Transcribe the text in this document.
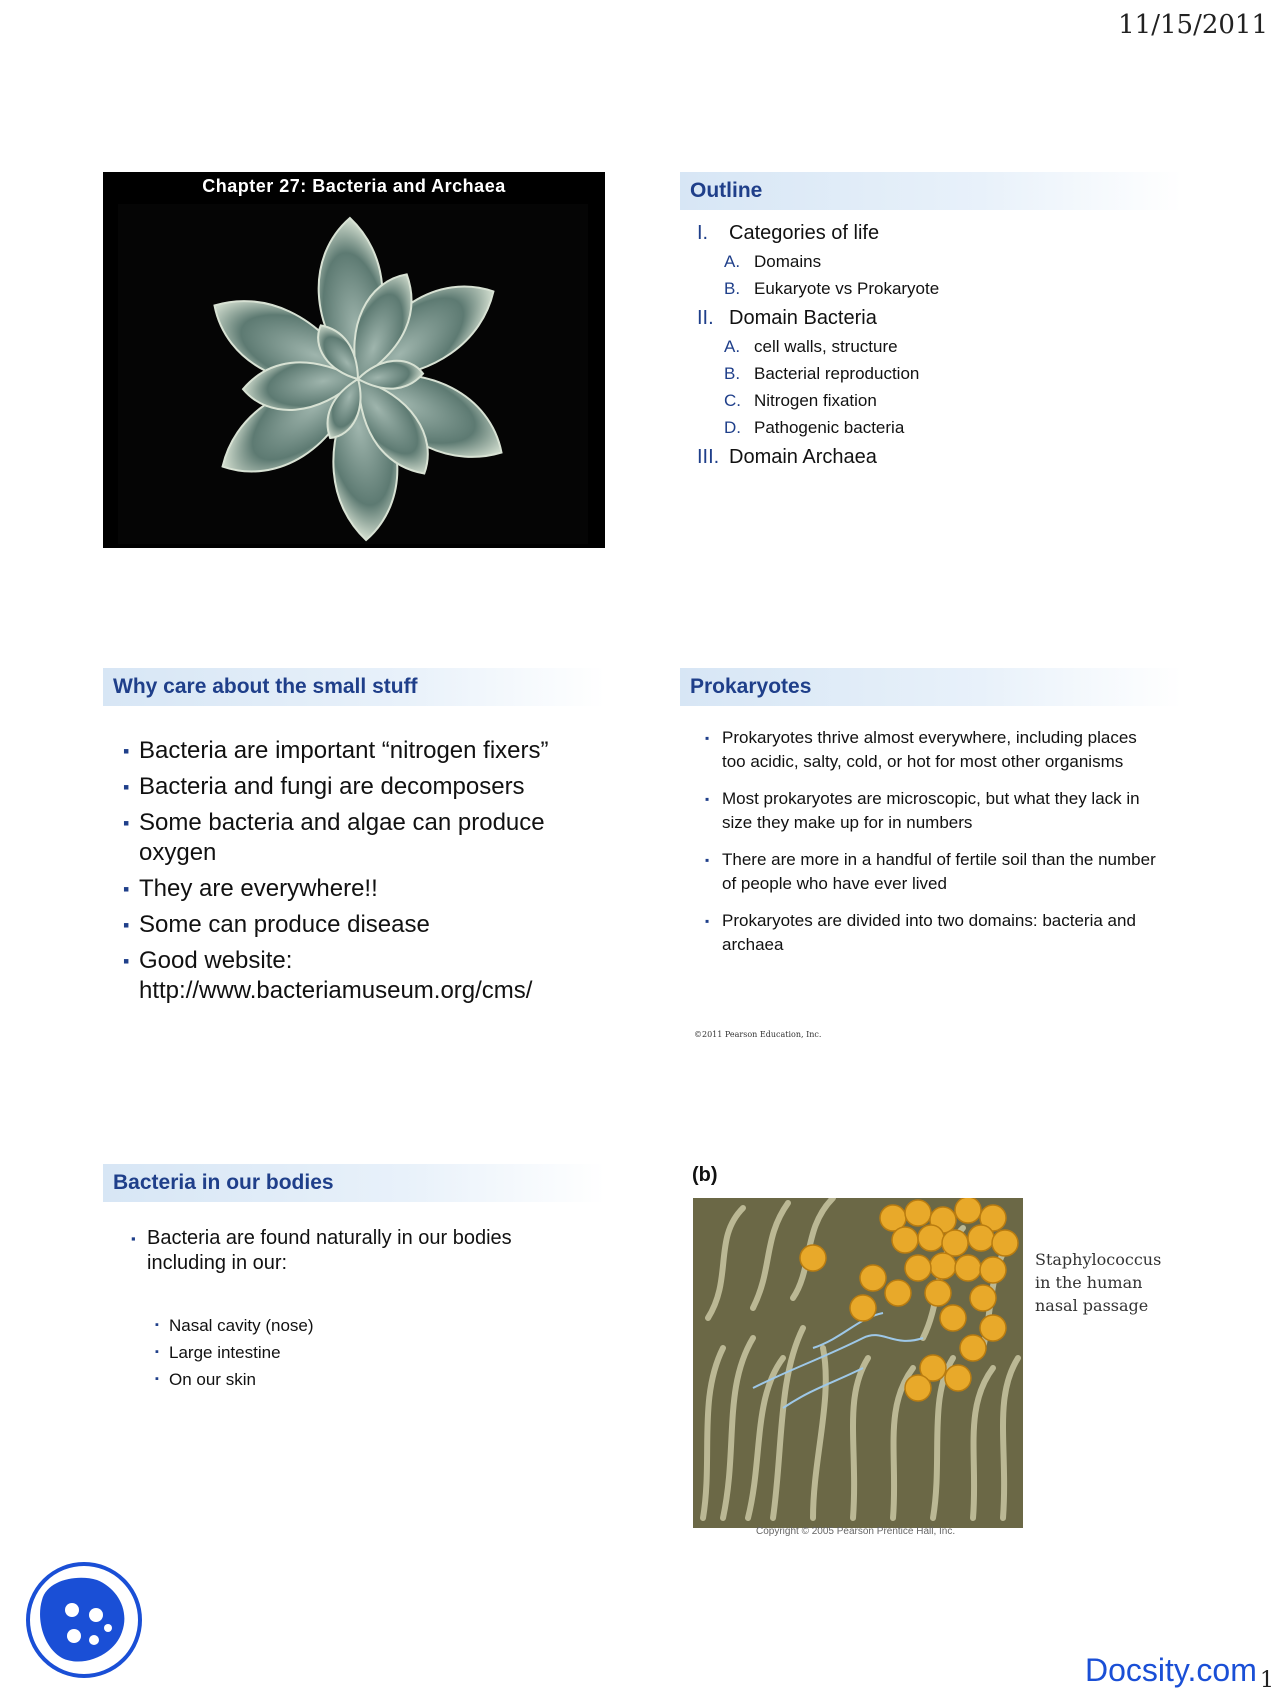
11/15/2011
Chapter 27: Bacteria and Archaea	Outline
I. Categories of life
A. Domains
B. Eukaryote vs Prokaryote
II. Domain Bacteria
A. cell walls, structure
B. Bacterial reproduction
C. Nitrogen fixation
D. Pathogenic bacteria
III. Domain Archaea
Why care about the small stuff
▪ Bacteria are important “nitrogen fixers”
▪ Bacteria and fungi are decomposers
▪ Some bacteria and algae can produce oxygen
▪ They are everywhere!!
▪ Some can produce disease
▪ Good website: http://www.bacteriamuseum.org/cms/
Prokaryotes
▪ Prokaryotes thrive almost everywhere, including places too acidic, salty, cold, or hot for most other organisms
▪ Most prokaryotes are microscopic, but what they lack in size they make up for in numbers
▪ There are more in a handful of fertile soil than the number of people who have ever lived
▪ Prokaryotes are divided into two domains: bacteria and archaea
©2011 Pearson Education, Inc.
Bacteria in our bodies
▪ Bacteria are found naturally in our bodies including in our:
▪ Nasal cavity (nose)
▪ Large intestine
▪ On our skin
(b)
Staphylococcus in the human nasal passage
Copyright © 2005 Pearson Prentice Hall, Inc.
Docsity.com 1
